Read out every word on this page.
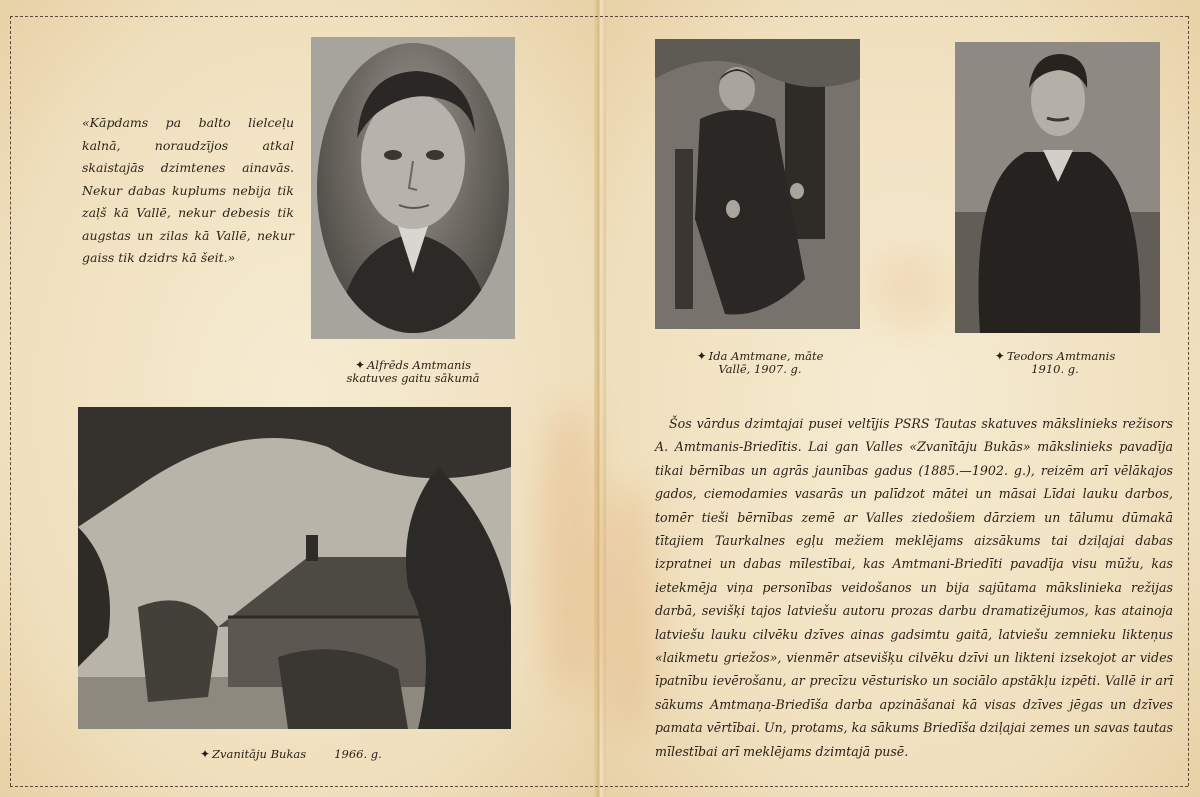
«Kāpdams pa balto lielceļu kalnā, noraudzījos atkal skaistajās dzimtenes ainavās. Nekur dabas kuplums nebija tik zaļš kā Vallē, nekur debesis tik augstas un zilas kā Vallē, nekur gaiss tik dzidrs kā šeit.»
✦ Alfrēds Amtmanis
skatuves gaitu sākumā
✦ Zvanitāju Bukas 1966. g.
✦ Ida Amtmane, māte
Vallē, 1907. g.
✦ Teodors Amtmanis
1910. g.

Šos vārdus dzimtajai pusei veltījis PSRS Tautas skatuves mākslinieks režisors A. Amtmanis-Briedītis. Lai gan Valles «Zvanītāju Bukās» mākslinieks pavadīja tikai bērnības un agrās jaunības gadus (1885.—1902. g.), reizēm arī vēlākajos gados, ciemodamies vasarās un palīdzot mātei un māsai Līdai lauku darbos, tomēr tieši bērnības zemē ar Valles ziedošiem dārziem un tālumu dūmakā tītajiem Taurkalnes egļu mežiem meklējams aizsākums tai dziļajai dabas izpratnei un dabas mīlestībai, kas Amtmani-Briedīti pavadīja visu mūžu, kas ietekmēja viņa personības veidošanos un bija sajūtama mākslinieka režijas darbā, sevišķi tajos latviešu autoru prozas darbu dramatizējumos, kas atainoja latviešu lauku cilvēku dzīves ainas gadsimtu gaitā, latviešu zemnieku likteņus «laikmetu griežos», vienmēr atsevišķu cilvēku dzīvi un likteni izsekojot ar vides īpatnību ievērošanu, ar precīzu vēsturisko un sociālo apstākļu izpēti. Vallē ir arī sākums Amtmaņa-Briedīša darba apzināšanai kā visas dzīves jēgas un dzīves pamata vērtībai. Un, protams, ka sākums Briedīša dziļajai zemes un savas tautas mīlestībai arī meklējams dzimtajā pusē.
